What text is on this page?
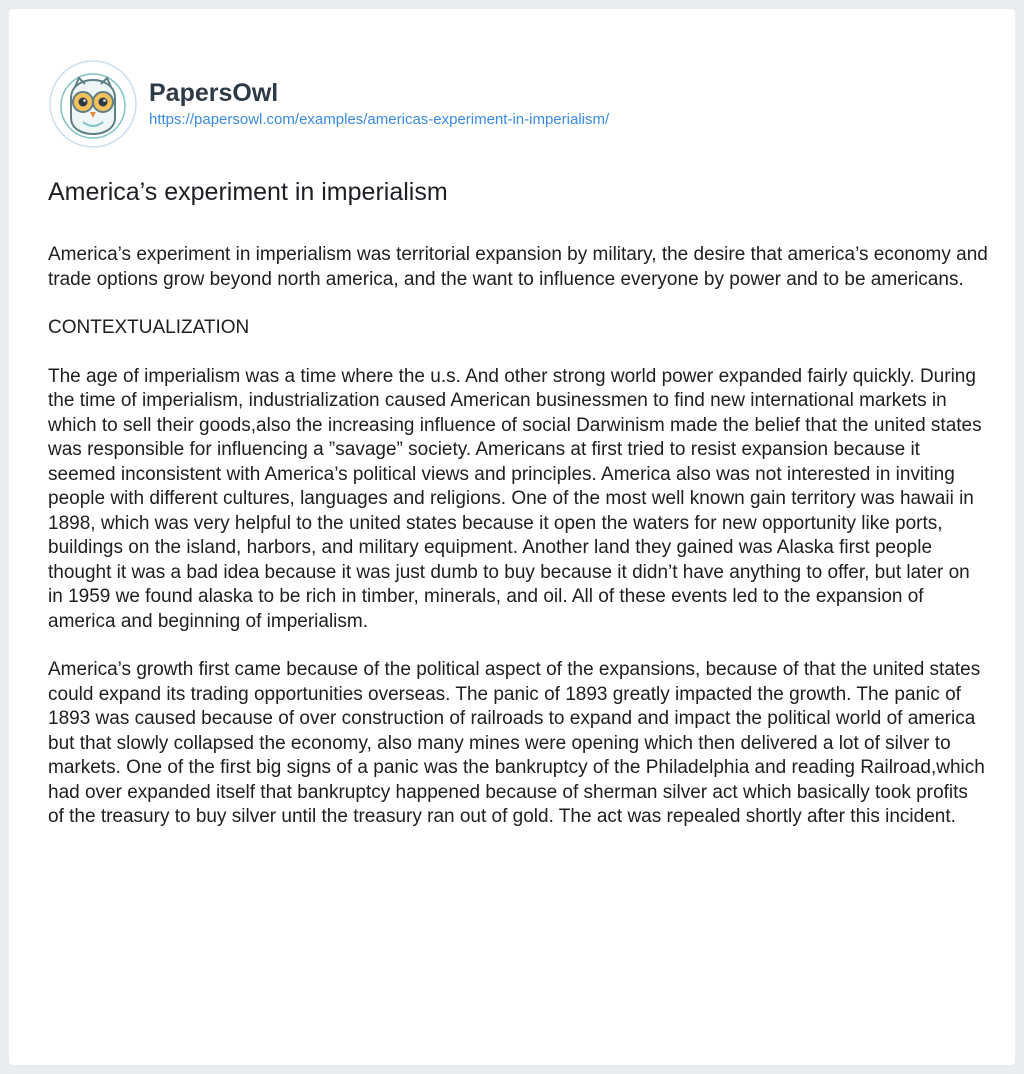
PapersOwl
https://papersowl.com/examples/americas-experiment-in-imperialism/
America’s experiment in imperialism

America’s experiment in imperialism was territorial expansion by military, the desire that america’s economy and trade options grow beyond north america, and the want to influence everyone by power and to be americans.

CONTEXTUALIZATION

The age of imperialism was a time where the u.s. And other strong world power expanded fairly quickly. During the time of imperialism, industrialization caused American businessmen to find new international markets in which to sell their goods,also the increasing influence of social Darwinism made the belief that the united states was responsible for influencing a ”savage” society. Americans at first tried to resist expansion because it seemed inconsistent with America’s political views and principles. America also was not interested in inviting people with different cultures, languages and religions. One of the most well known gain territory was hawaii in 1898, which was very helpful to the united states because it open the waters for new opportunity like ports, buildings on the island, harbors, and military equipment. Another land they gained was Alaska first people thought it was a bad idea because it was just dumb to buy because it didn’t have anything to offer, but later on in 1959 we found alaska to be rich in timber, minerals, and oil. All of these events led to the expansion of america and beginning of imperialism.

America’s growth first came because of the political aspect of the expansions, because of that the united states could expand its trading opportunities overseas. The panic of 1893 greatly impacted the growth. The panic of 1893 was caused because of over construction of railroads to expand and impact the political world of america but that slowly collapsed the economy, also many mines were opening which then delivered a lot of silver to markets. One of the first big signs of a panic was the bankruptcy of the Philadelphia and reading Railroad,which had over expanded itself that bankruptcy happened because of sherman silver act which basically took profits of the treasury to buy silver until the treasury ran out of gold. The act was repealed shortly after this incident.
